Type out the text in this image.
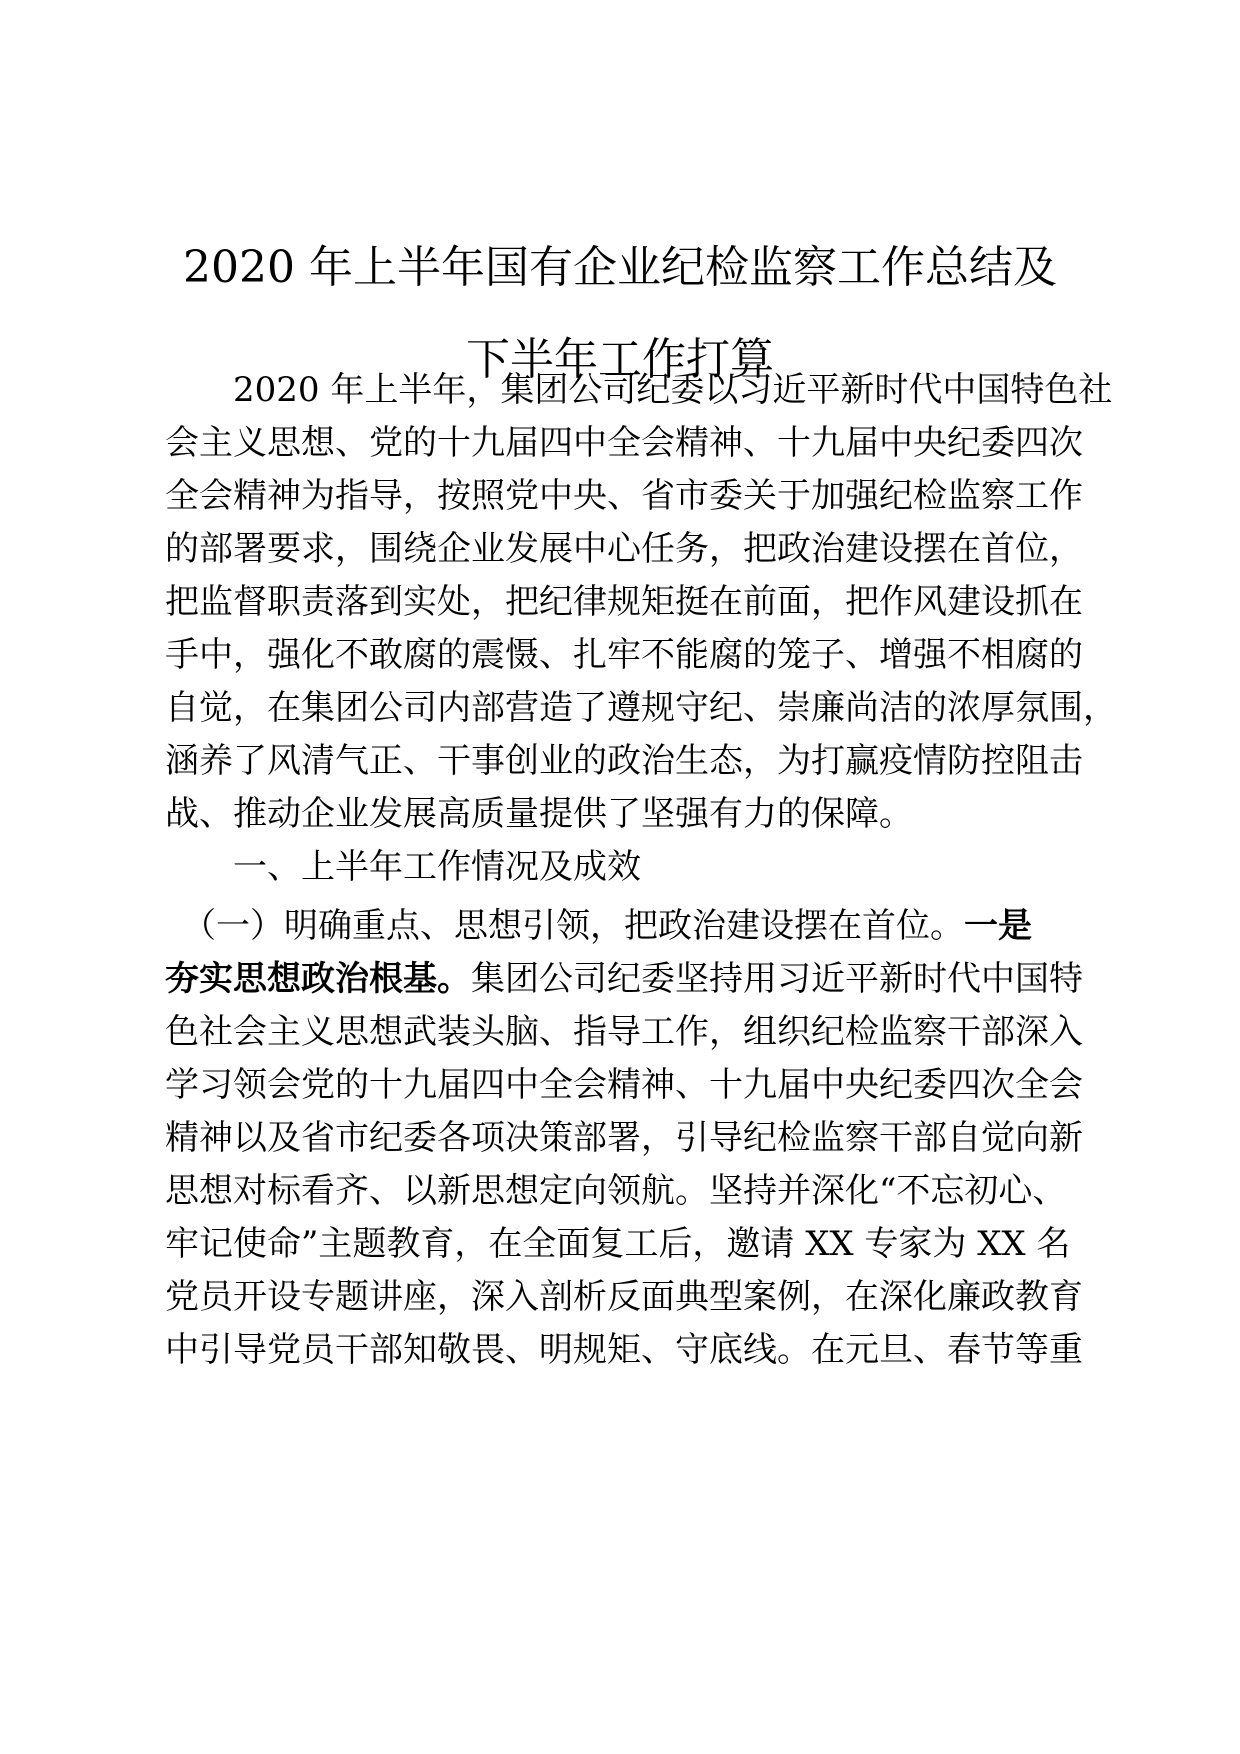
2020 年上半年国有企业纪检监察工作总结及
下半年工作打算
　　2020 年上半年，集团公司纪委以习近平新时代中国特色社
会主义思想、党的十九届四中全会精神、十九届中央纪委四次
全会精神为指导，按照党中央、省市委关于加强纪检监察工作
的部署要求，围绕企业发展中心任务，把政治建设摆在首位，
把监督职责落到实处，把纪律规矩挺在前面，把作风建设抓在
手中，强化不敢腐的震慑、扎牢不能腐的笼子、增强不相腐的
自觉，在集团公司内部营造了遵规守纪、崇廉尚洁的浓厚氛围，
涵养了风清气正、干事创业的政治生态，为打赢疫情防控阻击
战、推动企业发展高质量提供了坚强有力的保障。
　　一、上半年工作情况及成效
　（一）明确重点、思想引领，把政治建设摆在首位。一是
夯实思想政治根基。集团公司纪委坚持用习近平新时代中国特
色社会主义思想武装头脑、指导工作，组织纪检监察干部深入
学习领会党的十九届四中全会精神、十九届中央纪委四次全会
精神以及省市纪委各项决策部署，引导纪检监察干部自觉向新
思想对标看齐、以新思想定向领航。坚持并深化“不忘初心、
牢记使命”主题教育，在全面复工后，邀请 XX 专家为 XX 名
党员开设专题讲座，深入剖析反面典型案例，在深化廉政教育
中引导党员干部知敬畏、明规矩、守底线。在元旦、春节等重
